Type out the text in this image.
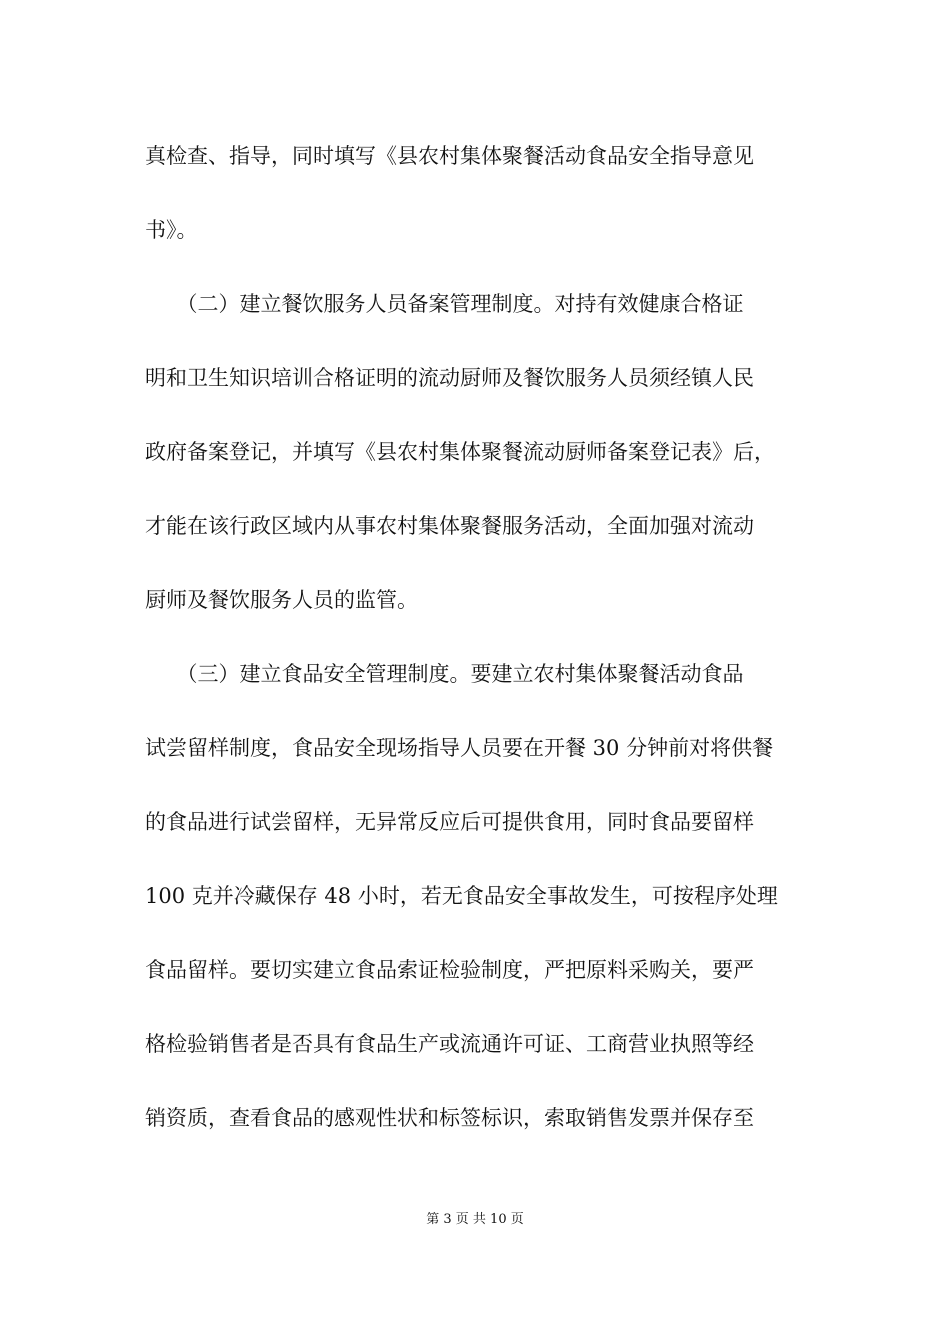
真检查、指导，同时填写《县农村集体聚餐活动食品安全指导意见
书》。
　　（二）建立餐饮服务人员备案管理制度。对持有效健康合格证
明和卫生知识培训合格证明的流动厨师及餐饮服务人员须经镇人民
政府备案登记，并填写《县农村集体聚餐流动厨师备案登记表》后，
才能在该行政区域内从事农村集体聚餐服务活动，全面加强对流动
厨师及餐饮服务人员的监管。
　　（三）建立食品安全管理制度。要建立农村集体聚餐活动食品
试尝留样制度，食品安全现场指导人员要在开餐 30 分钟前对将供餐
的食品进行试尝留样，无异常反应后可提供食用，同时食品要留样
100 克并冷藏保存 48 小时，若无食品安全事故发生，可按程序处理
食品留样。要切实建立食品索证检验制度，严把原料采购关，要严
格检验销售者是否具有食品生产或流通许可证、工商营业执照等经
销资质，查看食品的感观性状和标签标识，索取销售发票并保存至
第 3 页 共 10 页
